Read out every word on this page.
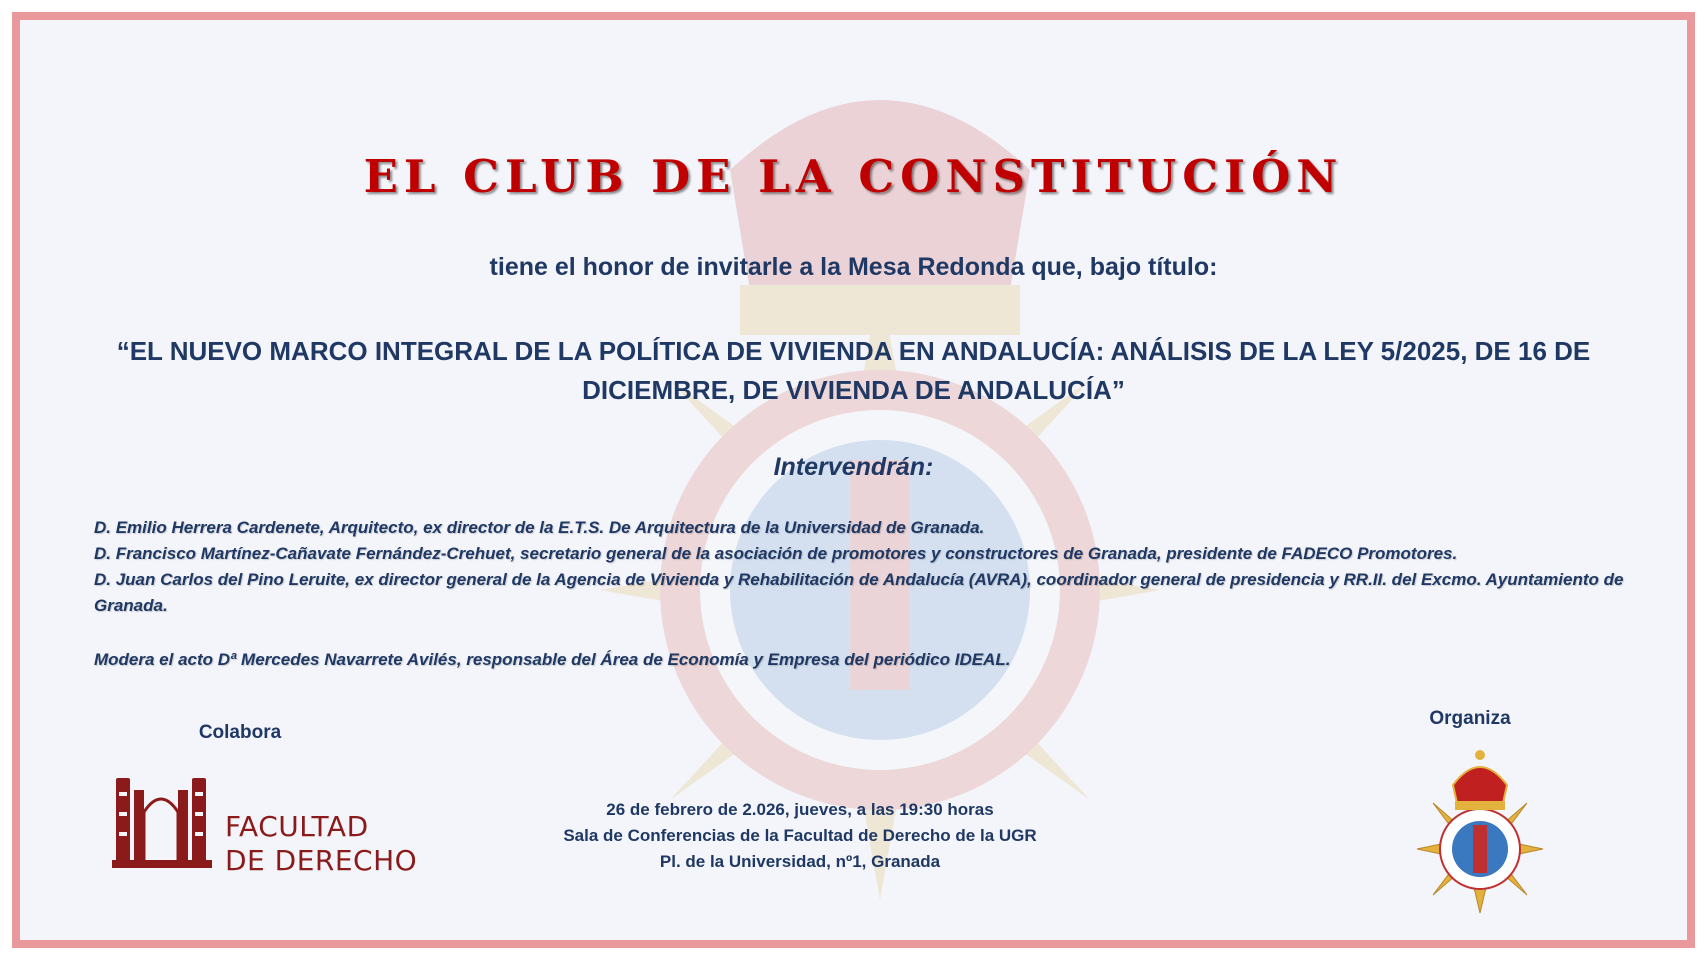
EL CLUB DE LA CONSTITUCIÓN
tiene el honor de invitarle a la Mesa Redonda que, bajo título:
“EL NUEVO MARCO INTEGRAL DE LA POLÍTICA DE VIVIENDA EN ANDALUCÍA: ANÁLISIS DE LA LEY 5/2025, DE 16 DE
DICIEMBRE, DE VIVIENDA DE ANDALUCÍA”
Intervendrán:
D. Emilio Herrera Cardenete, Arquitecto, ex director de la E.T.S. De Arquitectura de la Universidad de Granada.
D. Francisco Martínez-Cañavate Fernández-Crehuet, secretario general de la asociación de promotores y constructores de Granada, presidente de FADECO Promotores.
D. Juan Carlos del Pino Leruite, ex director general de la Agencia de Vivienda y Rehabilitación de Andalucía (AVRA), coordinador general de presidencia y RR.II. del Excmo. Ayuntamiento de Granada.
Modera el acto Dª Mercedes Navarrete Avilés, responsable del Área de Economía y Empresa del periódico IDEAL.
Colabora
FACULTAD
DE DERECHO
26 de febrero de 2.026, jueves, a las 19:30 horas
Sala de Conferencias de la Facultad de Derecho de la UGR
Pl. de la Universidad, nº1, Granada
Organiza
